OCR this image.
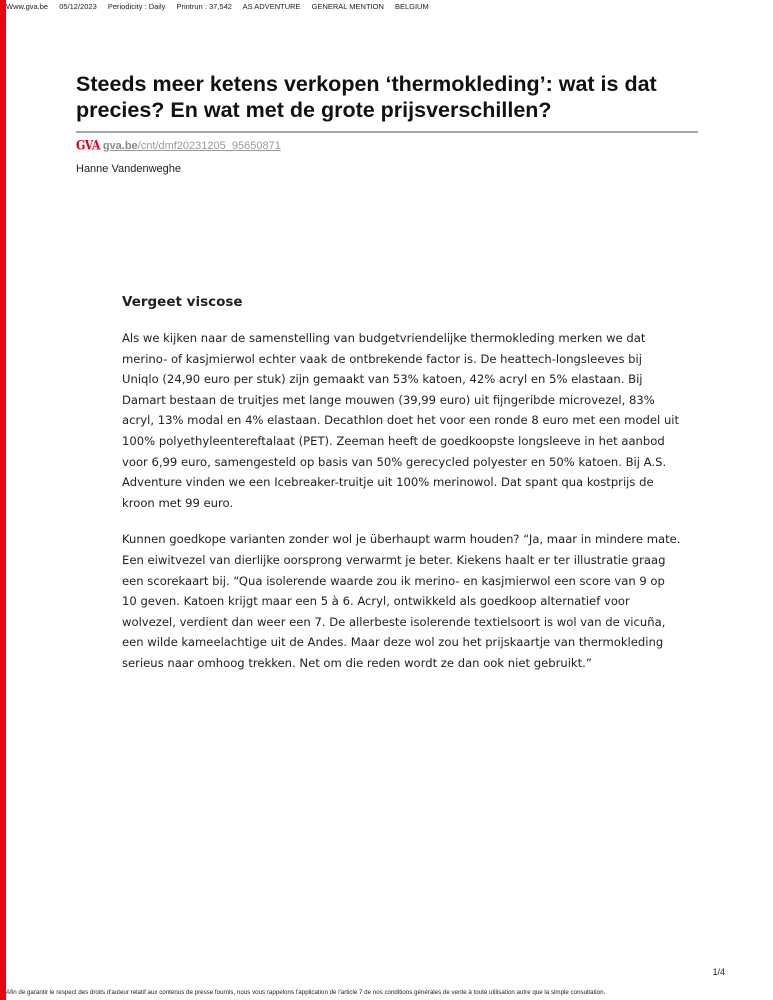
Www.gva.be 05/12/2023 Periodicity : Daily Printrun : 37,542 AS ADVENTURE GENERAL MENTION BELGIUM
Steeds meer ketens verkopen ‘thermokleding’: wat is dat precies? En wat met de grote prijsverschillen?
GVA gva.be/cnt/dmf20231205_95650871
Hanne Vandenweghe
Vergeet viscose

Als we kijken naar de samenstelling van budgetvriendelijke thermokleding merken we dat merino- of kasjmierwol echter vaak de ontbrekende factor is. De heattech-longsleeves bij Uniqlo (24,90 euro per stuk) zijn gemaakt van 53% katoen, 42% acryl en 5% elastaan. Bij Damart bestaan de truitjes met lange mouwen (39,99 euro) uit fijngeribde microvezel, 83% acryl, 13% modal en 4% elastaan. Decathlon doet het voor een ronde 8 euro met een model uit 100% polyethyleentereftalaat (PET). Zeeman heeft de goedkoopste longsleeve in het aanbod voor 6,99 euro, samengesteld op basis van 50% gerecycled polyester en 50% katoen. Bij A.S. Adventure vinden we een Icebreaker-truitje uit 100% merinowol. Dat spant qua kostprijs de kroon met 99 euro.

Kunnen goedkope varianten zonder wol je überhaupt warm houden? “Ja, maar in mindere mate. Een eiwitvezel van dierlijke oorsprong verwarmt je beter. Kiekens haalt er ter illustratie graag een scorekaart bij. “Qua isolerende waarde zou ik merino- en kasjmierwol een score van 9 op 10 geven. Katoen krijgt maar een 5 à 6. Acryl, ontwikkeld als goedkoop alternatief voor wolvezel, verdient dan weer een 7. De allerbeste isolerende textielsoort is wol van de vicuña, een wilde kameelachtige uit de Andes. Maar deze wol zou het prijskaartje van thermokleding serieus naar omhoog trekken. Net om die reden wordt ze dan ook niet gebruikt.”

1/4
Afin de garantir le respect des droits d'auteur relatif aux contenus de presse fournis, nous vous rappelons l'application de l'article 7 de nos conditions générales de vente à toute utilisation autre que la simple consultation.
